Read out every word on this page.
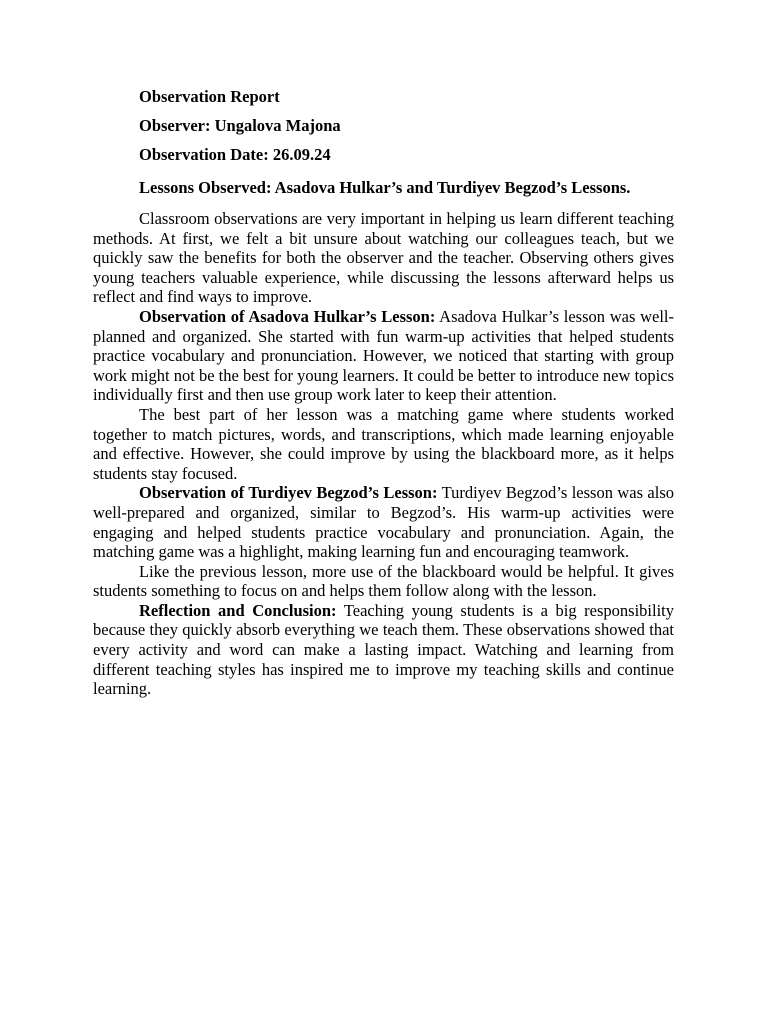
Observation Report

Observer: Ungalova Majona

Observation Date: 26.09.24

Lessons Observed: Asadova Hulkar’s and Turdiyev Begzod’s Lessons.

Classroom observations are very important in helping us learn different teaching methods. At first, we felt a bit unsure about watching our colleagues teach, but we quickly saw the benefits for both the observer and the teacher. Observing others gives young teachers valuable experience, while discussing the lessons afterward helps us reflect and find ways to improve.

Observation of Asadova Hulkar’s Lesson: Asadova Hulkar’s lesson was well-planned and organized. She started with fun warm-up activities that helped students practice vocabulary and pronunciation. However, we noticed that starting with group work might not be the best for young learners. It could be better to introduce new topics individually first and then use group work later to keep their attention.

The best part of her lesson was a matching game where students worked together to match pictures, words, and transcriptions, which made learning enjoyable and effective. However, she could improve by using the blackboard more, as it helps students stay focused.

Observation of Turdiyev Begzod’s Lesson: Turdiyev Begzod’s lesson was also well-prepared and organized, similar to Begzod’s. His warm-up activities were engaging and helped students practice vocabulary and pronunciation. Again, the matching game was a highlight, making learning fun and encouraging teamwork.

Like the previous lesson, more use of the blackboard would be helpful. It gives students something to focus on and helps them follow along with the lesson.

Reflection and Conclusion: Teaching young students is a big responsibility because they quickly absorb everything we teach them. These observations showed that every activity and word can make a lasting impact. Watching and learning from different teaching styles has inspired me to improve my teaching skills and continue learning.
